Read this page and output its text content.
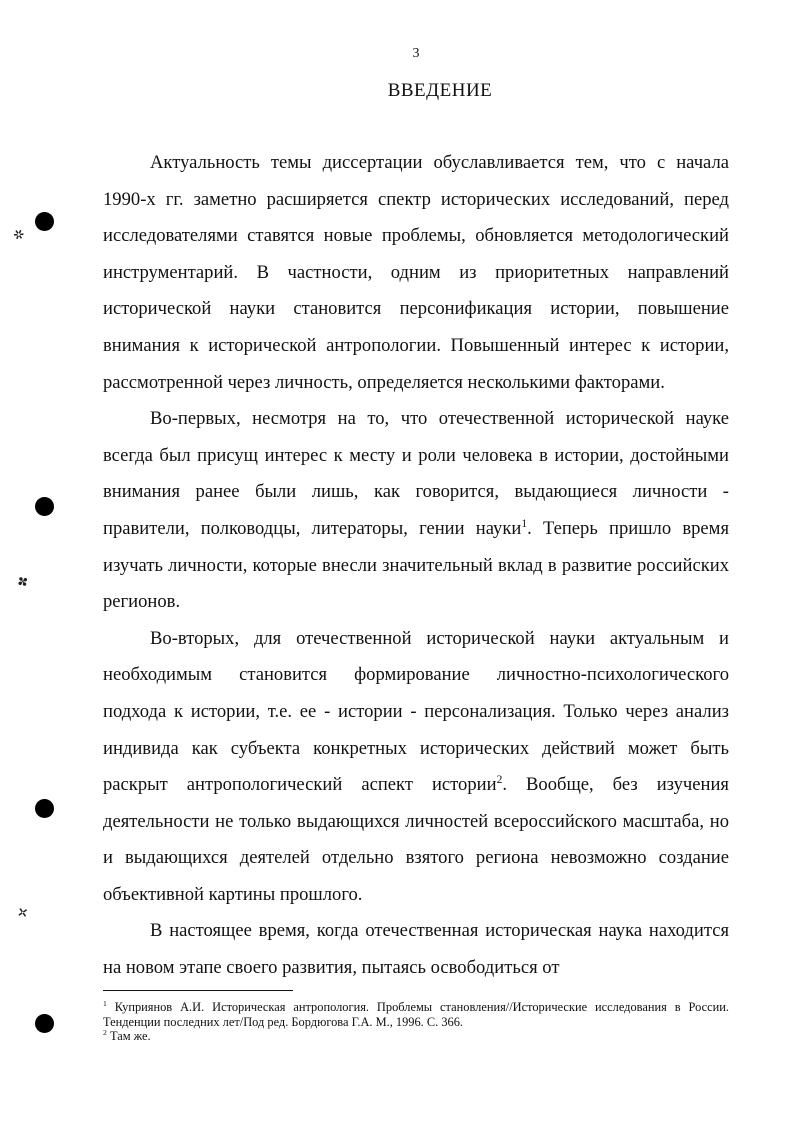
3
ВВЕДЕНИЕ

Актуальность темы диссертации обуславливается тем, что с начала 1990-х гг. заметно расширяется спектр исторических исследований, перед исследователями ставятся новые проблемы, обновляется методологический инструментарий. В частности, одним из приоритетных направлений исторической науки становится персонификация истории, повышение внимания к исторической антропологии. Повышенный интерес к истории, рассмотренной через личность, определяется несколькими факторами.

Во-первых, несмотря на то, что отечественной исторической науке всегда был присущ интерес к месту и роли человека в истории, достойными внимания ранее были лишь, как говорится, выдающиеся личности - правители, полководцы, литераторы, гении науки$^1$. Теперь пришло время изучать личности, которые внесли значительный вклад в развитие российских регионов.

Во-вторых, для отечественной исторической науки актуальным и необходимым становится формирование личностно-психологического подхода к истории, т.е. ее - истории - персонализация. Только через анализ индивида как субъекта конкретных исторических действий может быть раскрыт антропологический аспект истории$^2$. Вообще, без изучения деятельности не только выдающихся личностей всероссийского масштаба, но и выдающихся деятелей отдельно взятого региона невозможно создание объективной картины прошлого.

В настоящее время, когда отечественная историческая наука находится на новом этапе своего развития, пытаясь освободиться от

$^1$ Куприянов А.И. Историческая антропология. Проблемы становления//Исторические исследования в России. Тенденции последних лет/Под ред. Бордюгова Г.А. М., 1996. С. 366.

$^2$ Там же.

✲
✤
✛
